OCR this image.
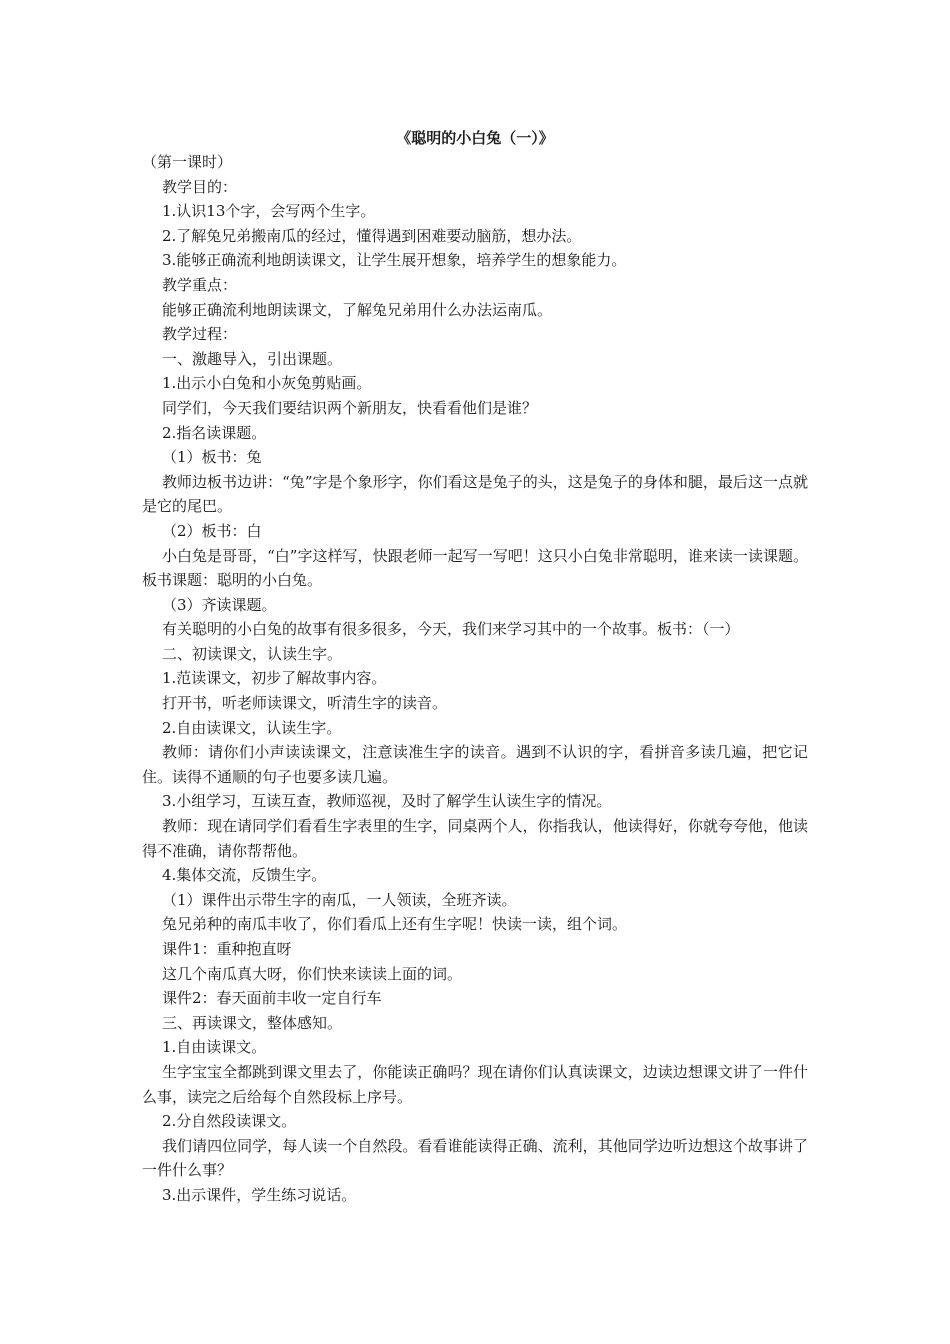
《聪明的小白兔（一）》
（第一课时）
教学目的：
1.认识13个字，会写两个生字。
2.了解兔兄弟搬南瓜的经过，懂得遇到困难要动脑筋，想办法。
3.能够正确流利地朗读课文，让学生展开想象，培养学生的想象能力。
教学重点：
能够正确流利地朗读课文，了解兔兄弟用什么办法运南瓜。
教学过程：
一、激趣导入，引出课题。
1.出示小白兔和小灰兔剪贴画。
同学们，今天我们要结识两个新朋友，快看看他们是谁？
2.指名读课题。
（1）板书：兔
教师边板书边讲：“兔”字是个象形字，你们看这是兔子的头，这是兔子的身体和腿，最后这一点就是它的尾巴。
（2）板书：白
小白兔是哥哥，“白”字这样写，快跟老师一起写一写吧！这只小白兔非常聪明，谁来读一读课题。板书课题：聪明的小白兔。
（3）齐读课题。
有关聪明的小白兔的故事有很多很多，今天，我们来学习其中的一个故事。板书：（一）
二、初读课文，认读生字。
1.范读课文，初步了解故事内容。
打开书，听老师读课文，听清生字的读音。
2.自由读课文，认读生字。
教师：请你们小声读读课文，注意读准生字的读音。遇到不认识的字，看拼音多读几遍，把它记住。读得不通顺的句子也要多读几遍。
3.小组学习，互读互查，教师巡视，及时了解学生认读生字的情况。
教师：现在请同学们看看生字表里的生字，同桌两个人，你指我认，他读得好，你就夸夸他，他读得不准确，请你帮帮他。
4.集体交流，反馈生字。
（1）课件出示带生字的南瓜，一人领读，全班齐读。
兔兄弟种的南瓜丰收了，你们看瓜上还有生字呢！快读一读，组个词。
课件1：重种抱直呀
这几个南瓜真大呀，你们快来读读上面的词。
课件2：春天面前丰收一定自行车
三、再读课文，整体感知。
1.自由读课文。
生字宝宝全都跳到课文里去了，你能读正确吗？现在请你们认真读课文，边读边想课文讲了一件什么事，读完之后给每个自然段标上序号。
2.分自然段读课文。
我们请四位同学，每人读一个自然段。看看谁能读得正确、流利，其他同学边听边想这个故事讲了一件什么事？
3.出示课件，学生练习说话。
